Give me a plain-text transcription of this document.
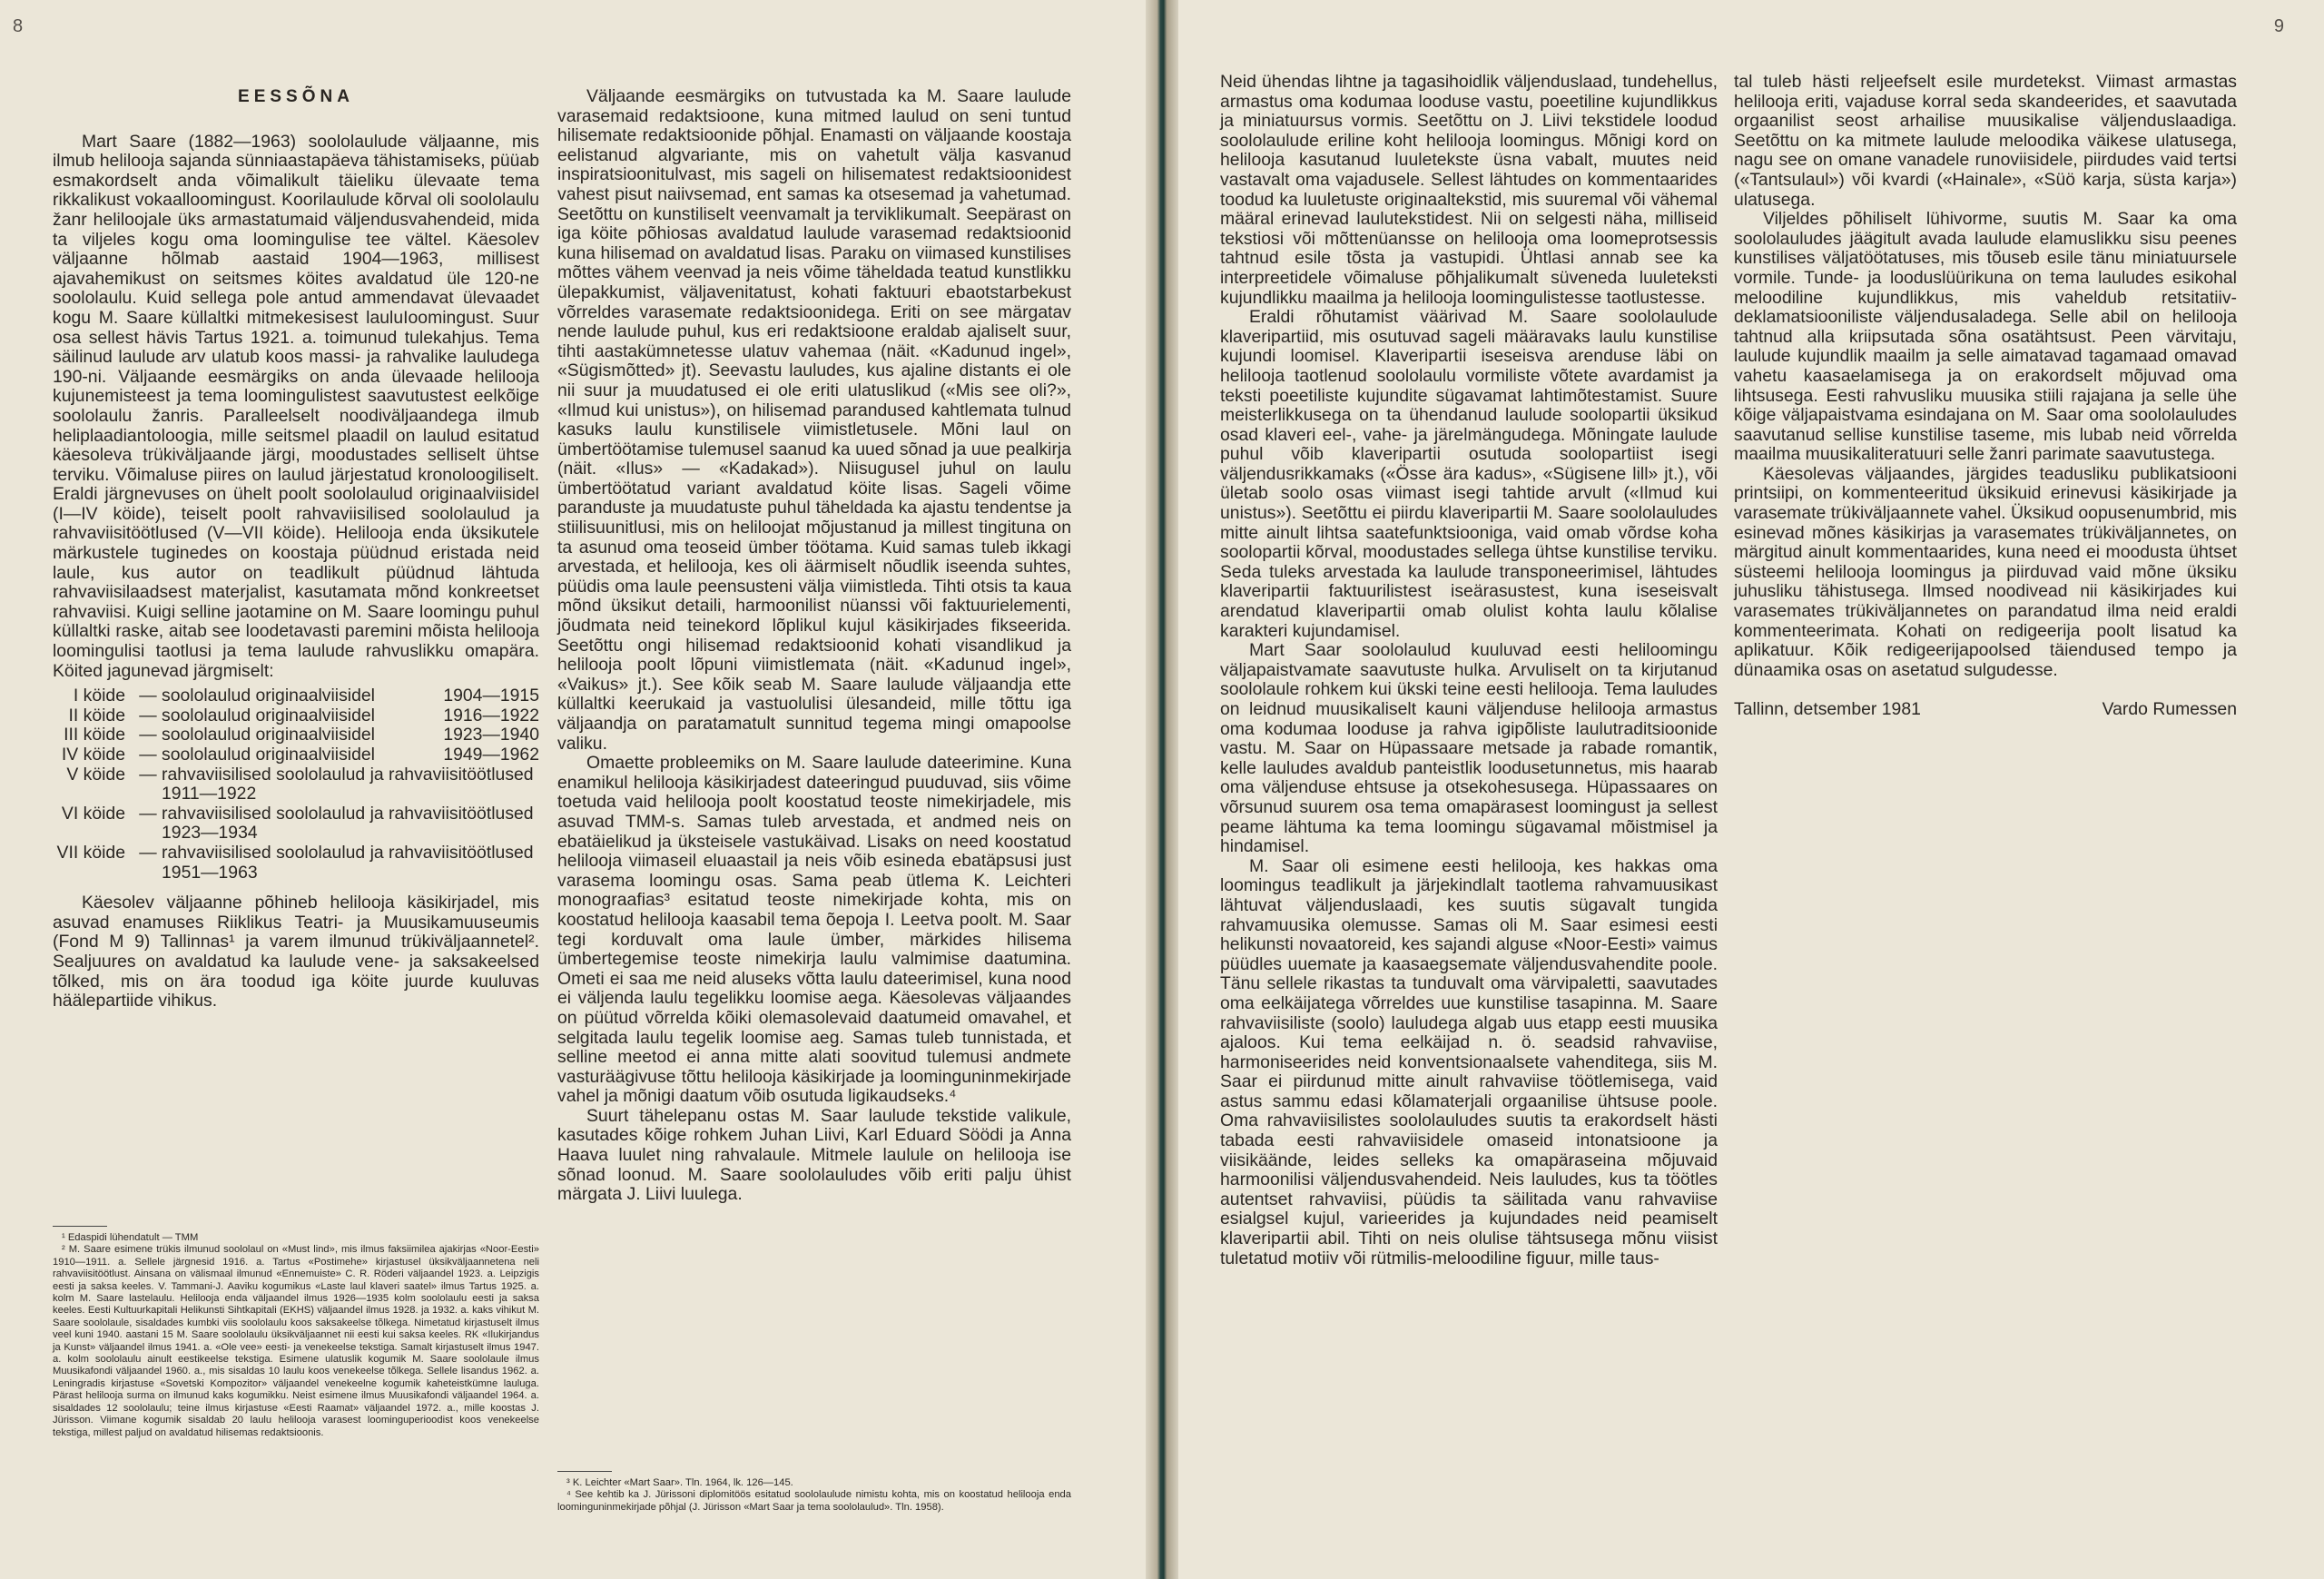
8
EESSÕNA

Mart Saare (1882—1963) soololaulude väljaanne, mis ilmub helilooja sajanda sünniaastapäeva tähistamiseks, püüab esmakordselt anda võimalikult täieliku ülevaate tema rikkalikust vokaalloomingust. Koorilaulude kõrval oli soololaulu žanr heliloojale üks armastatumaid väljendusvahendeid, mida ta viljeles kogu oma loomingulise tee vältel. Käesolev väljaanne hõlmab aastaid 1904—1963, millisest ajavahemikust on seitsmes köites avaldatud üle 120-ne soololaulu. Kuid sellega pole antud ammendavat ülevaadet kogu M. Saare küllaltki mitmekesisest lauluIoomingust. Suur osa sellest hävis Tartus 1921. a. toimunud tulekahjus. Tema säilinud laulude arv ulatub koos massi- ja rahvalike lauludega 190-ni. Väljaande eesmärgiks on anda ülevaade helilooja kujunemisteest ja tema loomingulistest saavutustest eelkõige soololaulu žanris. Paralleelselt noodiväljaandega ilmub heliplaadiantoloogia, mille seitsmel plaadil on laulud esitatud käesoleva trükiväljaande järgi, moodustades selliselt ühtse terviku. Võimaluse piires on laulud järjestatud kronoloogiliselt. Eraldi järgnevuses on ühelt poolt soololaulud originaalviisidel (I—IV köide), teiselt poolt rahvaviisilised soololaulud ja rahvaviisitöötlused (V—VII köide). Helilooja enda üksikutele märkustele tuginedes on koostaja püüdnud eristada neid laule, kus autor on teadlikult püüdnud lähtuda rahvaviisilaadsest materjalist, kasutamata mõnd konkreetset rahvaviisi. Kuigi selline jaotamine on M. Saare loomingu puhul küllaltki raske, aitab see loodetavasti paremini mõista helilooja loomingulisi taotlusi ja tema laulude rahvuslikku omapära. Köited jagunevad järgmiselt:

I köide — soololaulud originaalviisidel	1904—1915
II köide — soololaulud originaalviisidel	1916—1922
III köide — soololaulud originaalviisidel	1923—1940
IV köide — soololaulud originaalviisidel	1949—1962
V köide — rahvaviisilised soololaulud ja rahvaviisitöötlused 1911—1922
VI köide — rahvaviisilised soololaulud ja rahvaviisitöötlused 1923—1934
VII köide — rahvaviisilised soololaulud ja rahvaviisitöötlused 1951—1963

Käesolev väljaanne põhineb helilooja käsikirjadel, mis asuvad enamuses Riiklikus Teatri- ja Muusikamuuseumis (Fond M 9) Tallinnas¹ ja varem ilmunud trükiväljaannetel². Sealjuures on avaldatud ka laulude vene- ja saksakeelsed tõlked, mis on ära toodud iga köite juurde kuuluvas häälepartiide vihikus.

¹ Edaspidi lühendatult — TMM

² M. Saare esimene trükis ilmunud soololaul on «Must lind», mis ilmus faksiimilea ajakirjas «Noor-Eesti» 1910—1911. a. Sellele järgnesid 1916. a. Tartus «Postimehe» kirjastusel üksikväljaannetena neli rahvaviisitöötlust. Ainsana on välismaal ilmunud «Ennemuiste» C. R. Röderi väljaandel 1923. a. Leipzigis eesti ja saksa keeles. V. Tammani-J. Aaviku kogumikus «Laste laul klaveri saatel» ilmus Tartus 1925. a. kolm M. Saare lastelaulu. Helilooja enda väljaandel ilmus 1926—1935 kolm soololaulu eesti ja saksa keeles. Eesti Kultuurkapitali Helikunsti Sihtkapitali (EKHS) väljaandel ilmus 1928. ja 1932. a. kaks vihikut M. Saare soololaule, sisaldades kumbki viis soololaulu koos saksakeelse tõlkega. Nimetatud kirjastuselt ilmus veel kuni 1940. aastani 15 M. Saare soololaulu üksikväljaannet nii eesti kui saksa keeles. RK «Ilukirjandus ja Kunst» väljaandel ilmus 1941. a. «Ole vee» eesti- ja venekeelse tekstiga. Samalt kirjastuselt ilmus 1947. a. kolm soololaulu ainult eestikeelse tekstiga. Esimene ulatuslik kogumik M. Saare soololaule ilmus Muusikafondi väljaandel 1960. a., mis sisaldas 10 laulu koos venekeelse tõlkega. Sellele lisandus 1962. a. Leningradis kirjastuse «Sovetski Kompozitor» väljaandel venekeelne kogumik kaheteistkümne lauluga. Pärast helilooja surma on ilmunud kaks kogumikku. Neist esimene ilmus Muusikafondi väljaandel 1964. a. sisaldades 12 soololaulu; teine ilmus kirjastuse «Eesti Raamat» väljaandel 1972. a., mille koostas J. Jürisson. Viimane kogumik sisaldab 20 laulu helilooja varasest loominguperioodist koos venekeelse tekstiga, millest paljud on avaldatud hilisemas redaktsioonis.

Väljaande eesmärgiks on tutvustada ka M. Saare laulude varasemaid redaktsioone, kuna mitmed laulud on seni tuntud hilisemate redaktsioonide põhjal. Enamasti on väljaande koostaja eelistanud algvariante, mis on vahetult välja kasvanud inspiratsioonitulvast, mis sageli on hilisematest redaktsioonidest vahest pisut naiivsemad, ent samas ka otsesemad ja vahetumad. Seetõttu on kunstiliselt veenvamalt ja terviklikumalt. Seepärast on iga köite põhiosas avaldatud laulude varasemad redaktsioonid kuna hilisemad on avaldatud lisas. Paraku on viimased kunstilises mõttes vähem veenvad ja neis võime täheldada teatud kunstlikku ülepakkumist, väljavenitatust, kohati faktuuri ebaotstarbekust võrreldes varasemate redaktsioonidega. Eriti on see märgatav nende laulude puhul, kus eri redaktsioone eraldab ajaliselt suur, tihti aastakümnetesse ulatuv vahemaa (näit. «Kadunud ingel», «Sügismõtted» jt). Seevastu lauludes, kus ajaline distants ei ole nii suur ja muudatused ei ole eriti ulatuslikud («Mis see oli?», «Ilmud kui unistus»), on hilisemad parandused kahtlemata tulnud kasuks laulu kunstilisele viimistletusele. Mõni laul on ümbertöötamise tulemusel saanud ka uued sõnad ja uue pealkirja (näit. «Ilus» — «Kadakad»). Niisugusel juhul on laulu ümbertöötatud variant avaldatud köite lisas. Sageli võime paranduste ja muudatuste puhul täheldada ka ajastu tendentse ja stiilisuunitlusi, mis on heliloojat mõjustanud ja millest tingituna on ta asunud oma teoseid ümber töötama. Kuid samas tuleb ikkagi arvestada, et helilooja, kes oli äärmiselt nõudlik iseenda suhtes, püüdis oma laule peensusteni välja viimistleda. Tihti otsis ta kaua mõnd üksikut detaili, harmoonilist nüanssi või faktuurielementi, jõudmata neid teinekord lõplikul kujul käsikirjades fikseerida. Seetõttu ongi hilisemad redaktsioonid kohati visandlikud ja helilooja poolt lõpuni viimistlemata (näit. «Kadunud ingel», «Vaikus» jt.). See kõik seab M. Saare laulude väljaandja ette küllaltki keerukaid ja vastuolulisi ülesandeid, mille tõttu iga väljaandja on paratamatult sunnitud tegema mingi omapoolse valiku.

Omaette probleemiks on M. Saare laulude dateerimine. Kuna enamikul helilooja käsikirjadest dateeringud puuduvad, siis võime toetuda vaid helilooja poolt koostatud teoste nimekirjadele, mis asuvad TMM-s. Samas tuleb arvestada, et andmed neis on ebatäielikud ja üksteisele vastukäivad. Lisaks on need koostatud helilooja viimaseil eluaastail ja neis võib esineda ebatäpsusi just varasema loomingu osas. Sama peab ütlema K. Leichteri monograafias³ esitatud teoste nimekirjade kohta, mis on koostatud helilooja kaasabil tema õepoja I. Leetva poolt. M. Saar tegi korduvalt oma laule ümber, märkides hilisema ümbertegemise teoste nimekirja laulu valmimise daatumina. Ometi ei saa me neid aluseks võtta laulu dateerimisel, kuna nood ei väljenda laulu tegelikku loomise aega. Käesolevas väljaandes on püütud võrrelda kõiki olemasolevaid daatumeid omavahel, et selgitada laulu tegelik loomise aeg. Samas tuleb tunnistada, et selline meetod ei anna mitte alati soovitud tulemusi andmete vasturäägivuse tõttu helilooja käsikirjade ja loominguninmekirjade vahel ja mõnigi daatum võib osutuda ligikaudseks.⁴

Suurt tähelepanu ostas M. Saar laulude tekstide valikule, kasutades kõige rohkem Juhan Liivi, Karl Eduard Söödi ja Anna Haava luulet ning rahvalaule. Mitmele laulule on helilooja ise sõnad loonud. M. Saare soololauludes võib eriti palju ühist märgata J. Liivi luulega.

³ K. Leichter «Mart Saar». Tln. 1964, lk. 126—145.

⁴ See kehtib ka J. Jürissoni diplomitöös esitatud soololaulude nimistu kohta, mis on koostatud helilooja enda loominguninmekirjade põhjal (J. Jürisson «Mart Saar ja tema soololaulud». Tln. 1958).

9

Neid ühendas lihtne ja tagasihoidlik väljenduslaad, tundehellus, armastus oma kodumaa looduse vastu, poeetiline kujundlikkus ja miniatuursus vormis. Seetõttu on J. Liivi tekstidele loodud soololaulude eriline koht helilooja loomingus. Mõnigi kord on helilooja kasutanud luuletekste üsna vabalt, muutes neid vastavalt oma vajadusele. Sellest lähtudes on kommentaarides toodud ka luuletuste originaaltekstid, mis suuremal või vähemal määral erinevad laulutekstidest. Nii on selgesti näha, milliseid tekstiosi või mõttenüansse on helilooja oma loomeprotsessis tahtnud esile tõsta ja vastupidi. Ühtlasi annab see ka interpreetidele võimaluse põhjalikumalt süveneda luuleteksti kujundlikku maailma ja helilooja loomingulistesse taotlustesse.

Eraldi rõhutamist väärivad M. Saare soololaulude klaveripartiid, mis osutuvad sageli määravaks laulu kunstilise kujundi loomisel. Klaveripartii iseseisva arenduse läbi on helilooja taotlenud soololaulu vormiliste võtete avardamist ja teksti poeetiliste kujundite sügavamat lahtimõtestamist. Suure meisterlikkusega on ta ühendanud laulude soolopartii üksikud osad klaveri eel-, vahe- ja järelmängudega. Mõningate laulude puhul võib klaveripartii osutuda soolopartiist isegi väljendusrikkamaks («Össe ära kadus», «Sügisene lill» jt.), või ületab soolo osas viimast isegi tahtide arvult («Ilmud kui unistus»). Seetõttu ei piirdu klaveripartii M. Saare soololauludes mitte ainult lihtsa saatefunktsiooniga, vaid omab võrdse koha soolopartii kõrval, moodustades sellega ühtse kunstilise terviku. Seda tuleks arvestada ka laulude transponeerimisel, lähtudes klaveripartii faktuurilistest iseärasustest, kuna iseseisvalt arendatud klaveripartii omab olulist kohta laulu kõlalise karakteri kujundamisel.

Mart Saar soololaulud kuuluvad eesti heliloomingu väljapaistvamate saavutuste hulka. Arvuliselt on ta kirjutanud soololaule rohkem kui ükski teine eesti helilooja. Tema lauludes on leidnud muusikaliselt kauni väljenduse helilooja armastus oma kodumaa looduse ja rahva igipõliste laulutraditsioonide vastu. M. Saar on Hüpassaare metsade ja rabade romantik, kelle lauludes avaldub panteistlik loodusetunnetus, mis haarab oma väljenduse ehtsuse ja otsekohesusega. Hüpassaares on võrsunud suurem osa tema omapärasest loomingust ja sellest peame lähtuma ka tema loomingu sügavamal mõistmisel ja hindamisel.

M. Saar oli esimene eesti helilooja, kes hakkas oma loomingus teadlikult ja järjekindlalt taotlema rahvamuusikast lähtuvat väljenduslaadi, kes suutis sügavalt tungida rahvamuusika olemusse. Samas oli M. Saar esimesi eesti helikunsti novaatoreid, kes sajandi alguse «Noor-Eesti» vaimus püüdles uuemate ja kaasaegsemate väljendusvahendite poole. Tänu sellele rikastas ta tunduvalt oma värvipaletti, saavutades oma eelkäijatega võrreldes uue kunstilise tasapinna. M. Saare rahvaviisiliste (soolo) lauludega algab uus etapp eesti muusika ajaloos. Kui tema eelkäijad n. ö. seadsid rahvaviise, harmoniseerides neid konventsionaalsete vahenditega, siis M. Saar ei piirdunud mitte ainult rahvaviise töötlemisega, vaid astus sammu edasi kõlamaterjali orgaanilise ühtsuse poole. Oma rahvaviisilistes soololauludes suutis ta erakordselt hästi tabada eesti rahvaviisidele omaseid intonatsioone ja viisikäände, leides selleks ka omapäraseina mõjuvaid harmoonilisi väljendusvahendeid. Neis lauludes, kus ta töötles autentset rahvaviisi, püüdis ta säilitada vanu rahvaviise esialgsel kujul, varieerides ja kujundades neid peamiselt klaveripartii abil. Tihti on neis olulise tähtsusega mõnu viisist tuletatud motiiv või rütmilis-meloodiline figuur, mille taus-

tal tuleb hästi reljeefselt esile murdetekst. Viimast armastas helilooja eriti, vajaduse korral seda skandeerides, et saavutada orgaanilist seost arhailise muusikalise väljenduslaadiga. Seetõttu on ka mitmete laulude meloodika väikese ulatusega, nagu see on omane vanadele runoviisidele, piirdudes vaid tertsi («Tantsulaul») või kvardi («Hainale», «Süö karja, süsta karja») ulatusega.

Viljeldes põhiliselt lühivorme, suutis M. Saar ka oma soololauludes jäägitult avada laulude elamuslikku sisu peenes kunstilises väljatöötatuses, mis tõuseb esile tänu miniatuursele vormile. Tunde- ja looduslüürikuna on tema lauludes esikohal meloodiline kujundlikkus, mis vaheldub retsitatiiv-deklamatsiooniliste väljendusaladega. Selle abil on helilooja tahtnud alla kriipsutada sõna osatähtsust. Peen värvitaju, laulude kujundlik maailm ja selle aimatavad tagamaad omavad vahetu kaasaelamisega ja on erakordselt mõjuvad oma lihtsusega. Eesti rahvusliku muusika stiili rajajana ja selle ühe kõige väljapaistvama esindajana on M. Saar oma soololauludes saavutanud sellise kunstilise taseme, mis lubab neid võrrelda maailma muusikaliteratuuri selle žanri parimate saavutustega.

Käesolevas väljaandes, järgides teadusliku publikatsiooni printsiipi, on kommenteeritud üksikuid erinevusi käsikirjade ja varasemate trükiväljaannete vahel. Üksikud oopusenumbrid, mis esinevad mõnes käsikirjas ja varasemates trükiväljannetes, on märgitud ainult kommentaarides, kuna need ei moodusta ühtset süsteemi helilooja loomingus ja piirduvad vaid mõne üksiku juhusliku tähistusega. Ilmsed noodivead nii käsikirjades kui varasemates trükiväljannetes on parandatud ilma neid eraldi kommenteerimata. Kohati on redigeerija poolt lisatud ka aplikatuur. Kõik redigeerijapoolsed täiendused tempo ja dünaamika osas on asetatud sulgudesse.

Tallinn, detsember 1981	Vardo Rumessen
